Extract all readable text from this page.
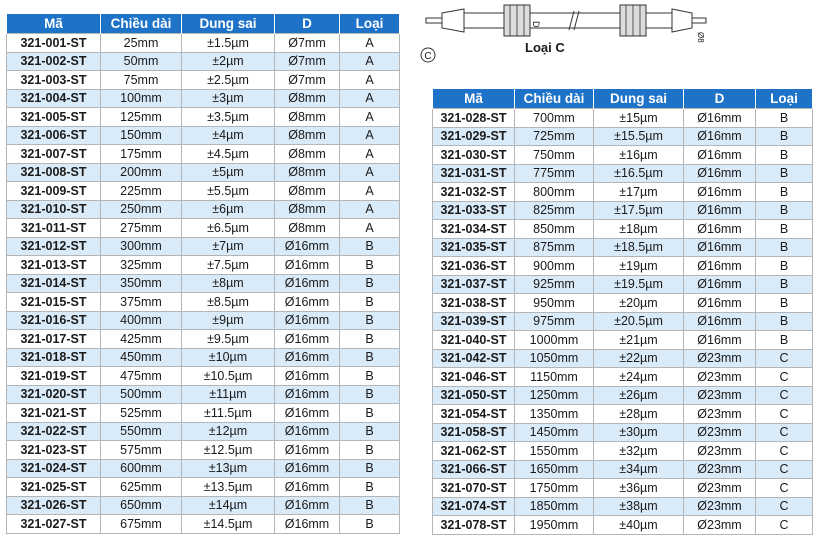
Mã	Chiều dài	Dung sai	D	Loại
321-001-ST	25mm	±1.5µm	Ø7mm	A
321-002-ST	50mm	±2µm	Ø7mm	A
321-003-ST	75mm	±2.5µm	Ø7mm	A
321-004-ST	100mm	±3µm	Ø8mm	A
321-005-ST	125mm	±3.5µm	Ø8mm	A
321-006-ST	150mm	±4µm	Ø8mm	A
321-007-ST	175mm	±4.5µm	Ø8mm	A
321-008-ST	200mm	±5µm	Ø8mm	A
321-009-ST	225mm	±5.5µm	Ø8mm	A
321-010-ST	250mm	±6µm	Ø8mm	A
321-011-ST	275mm	±6.5µm	Ø8mm	A
321-012-ST	300mm	±7µm	Ø16mm	B
321-013-ST	325mm	±7.5µm	Ø16mm	B
321-014-ST	350mm	±8µm	Ø16mm	B
321-015-ST	375mm	±8.5µm	Ø16mm	B
321-016-ST	400mm	±9µm	Ø16mm	B
321-017-ST	425mm	±9.5µm	Ø16mm	B
321-018-ST	450mm	±10µm	Ø16mm	B
321-019-ST	475mm	±10.5µm	Ø16mm	B
321-020-ST	500mm	±11µm	Ø16mm	B
321-021-ST	525mm	±11.5µm	Ø16mm	B
321-022-ST	550mm	±12µm	Ø16mm	B
321-023-ST	575mm	±12.5µm	Ø16mm	B
321-024-ST	600mm	±13µm	Ø16mm	B
321-025-ST	625mm	±13.5µm	Ø16mm	B
321-026-ST	650mm	±14µm	Ø16mm	B
321-027-ST	675mm	±14.5µm	Ø16mm	B
Mã	Chiều dài	Dung sai	D	Loại
321-028-ST	700mm	±15µm	Ø16mm	B
321-029-ST	725mm	±15.5µm	Ø16mm	B
321-030-ST	750mm	±16µm	Ø16mm	B
321-031-ST	775mm	±16.5µm	Ø16mm	B
321-032-ST	800mm	±17µm	Ø16mm	B
321-033-ST	825mm	±17.5µm	Ø16mm	B
321-034-ST	850mm	±18µm	Ø16mm	B
321-035-ST	875mm	±18.5µm	Ø16mm	B
321-036-ST	900mm	±19µm	Ø16mm	B
321-037-ST	925mm	±19.5µm	Ø16mm	B
321-038-ST	950mm	±20µm	Ø16mm	B
321-039-ST	975mm	±20.5µm	Ø16mm	B
321-040-ST	1000mm	±21µm	Ø16mm	B
321-042-ST	1050mm	±22µm	Ø23mm	C
321-046-ST	1150mm	±24µm	Ø23mm	C
321-050-ST	1250mm	±26µm	Ø23mm	C
321-054-ST	1350mm	±28µm	Ø23mm	C
321-058-ST	1450mm	±30µm	Ø23mm	C
321-062-ST	1550mm	±32µm	Ø23mm	C
321-066-ST	1650mm	±34µm	Ø23mm	C
321-070-ST	1750mm	±36µm	Ø23mm	C
321-074-ST	1850mm	±38µm	Ø23mm	C
321-078-ST	1950mm	±40µm	Ø23mm	C
D
Ø8
C
Loại C
